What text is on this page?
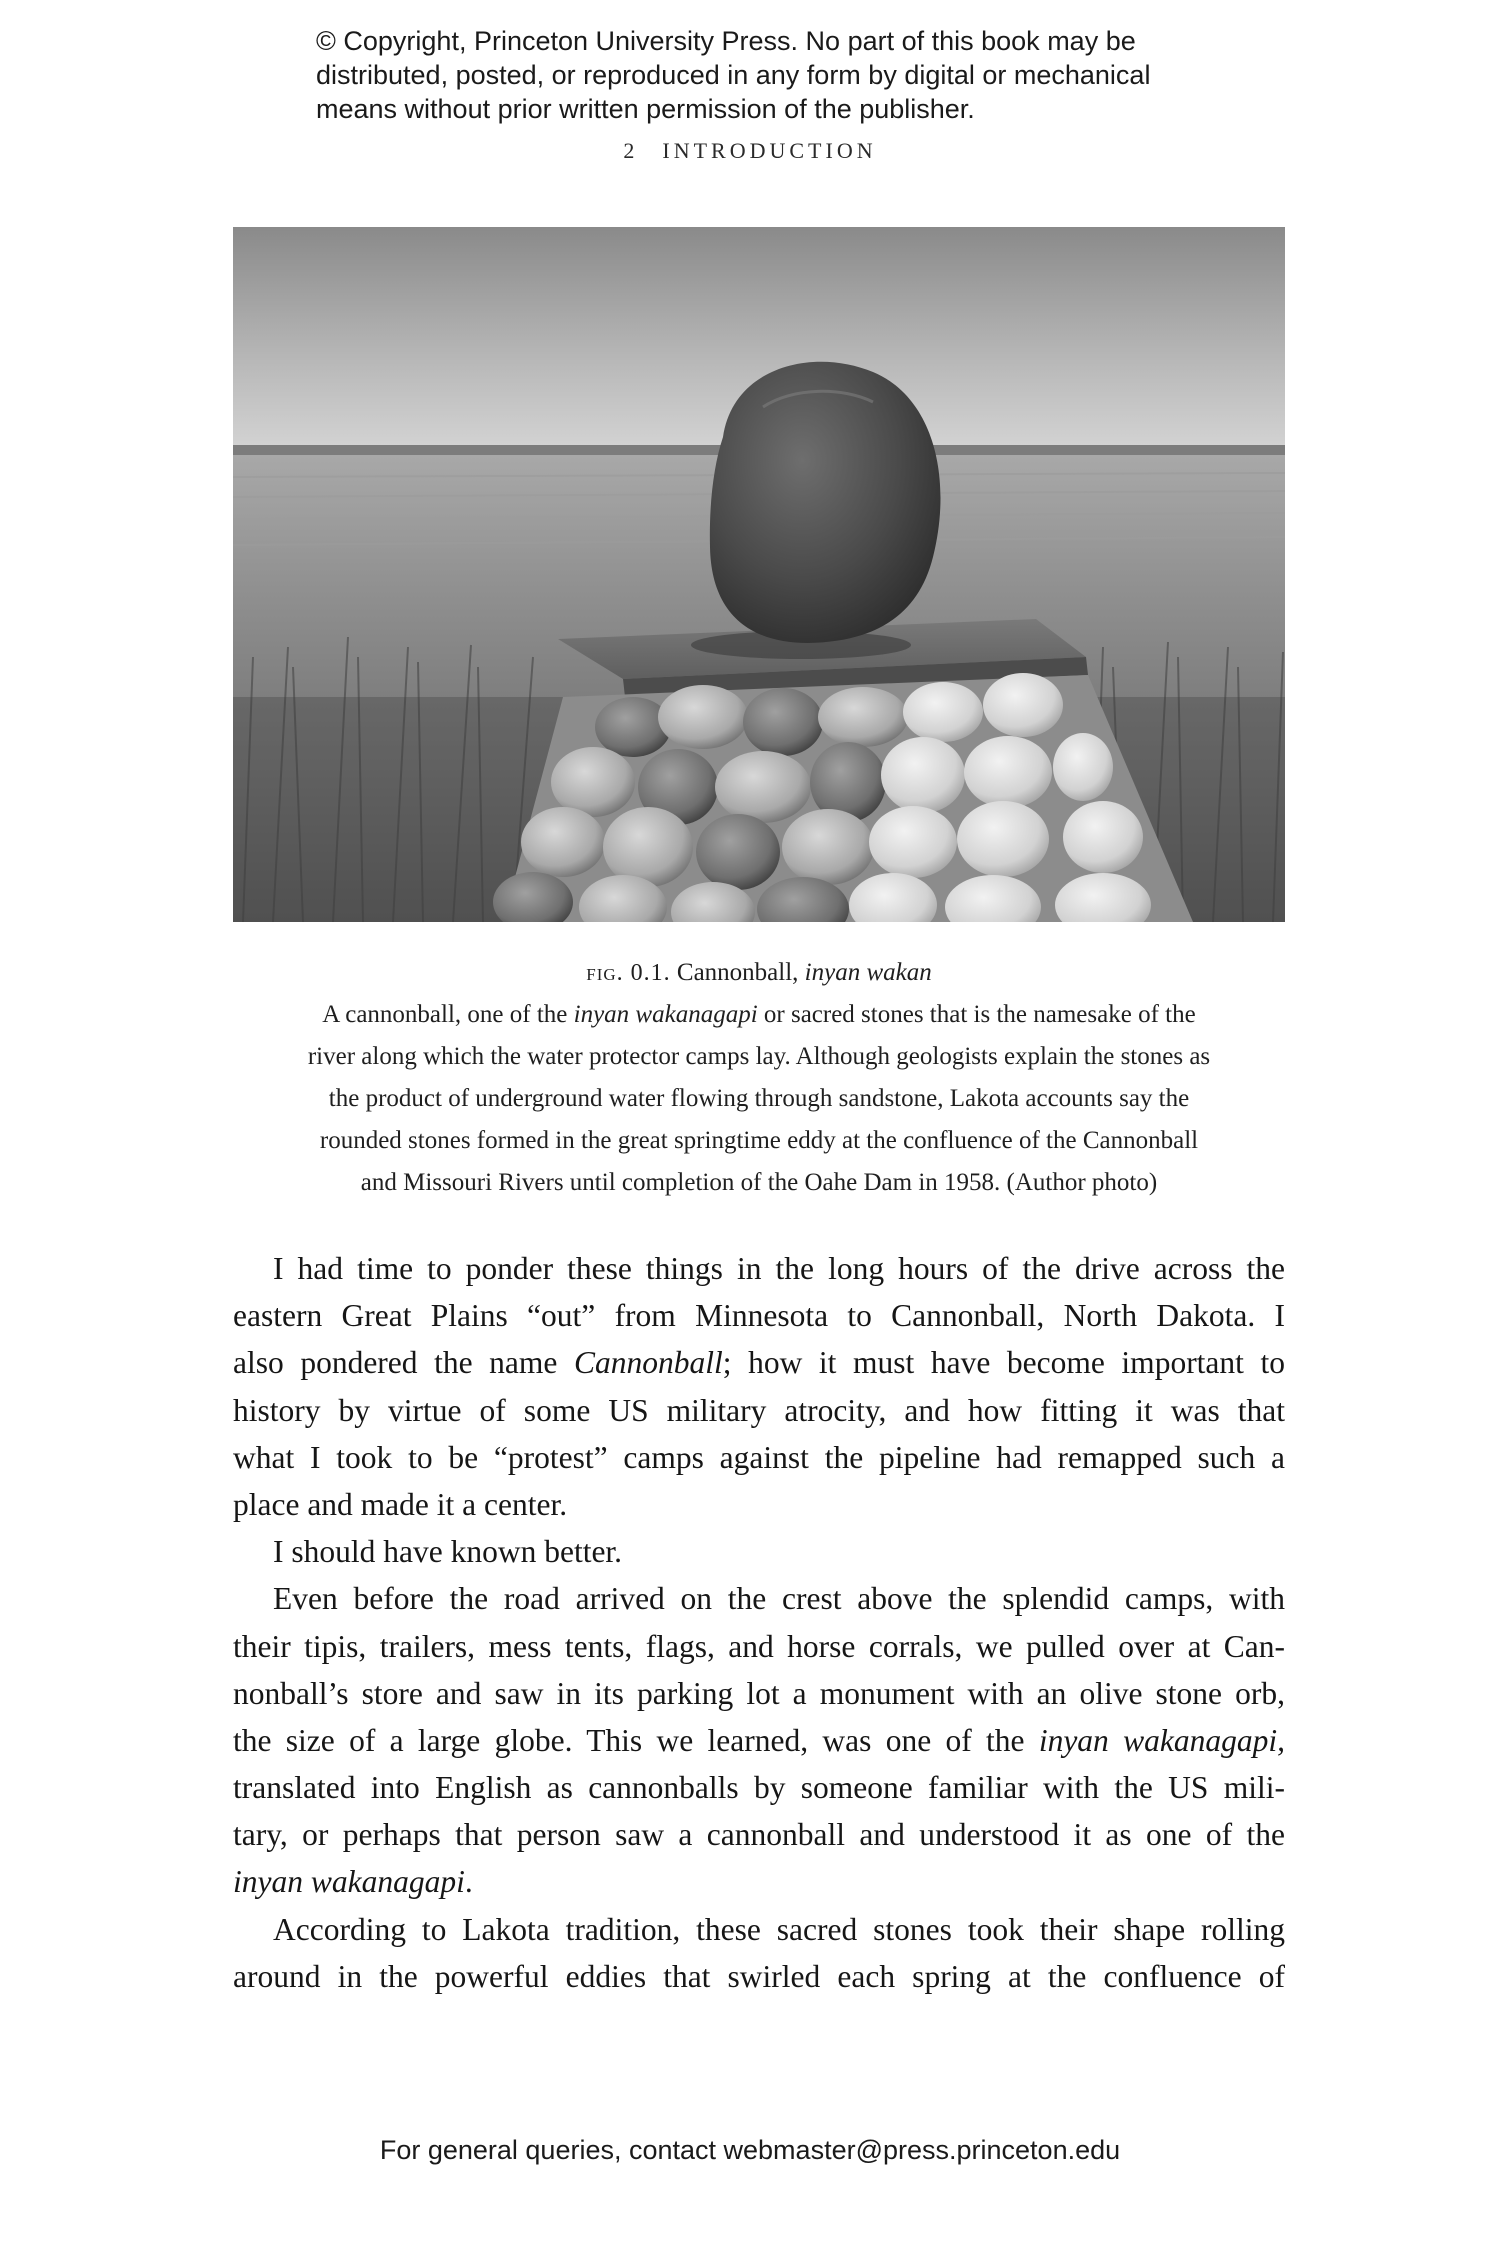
© Copyright, Princeton University Press. No part of this book may be
distributed, posted, or reproduced in any form by digital or mechanical
means without prior written permission of the publisher.
2 INTRODUCTION
fig. 0.1. Cannonball, inyan wakan
A cannonball, one of the inyan wakanagapi or sacred stones that is the namesake of the
river along which the water protector camps lay. Although geologists explain the stones as
the product of underground water flowing through sandstone, Lakota accounts say the
rounded stones formed in the great springtime eddy at the confluence of the Cannonball
and Missouri Rivers until completion of the Oahe Dam in 1958. (Author photo)
I had time to ponder these things in the long hours of the drive across the
eastern Great Plains “out” from Minnesota to Cannonball, North Dakota. I
also pondered the name Cannonball; how it must have become important to
history by virtue of some US military atrocity, and how fitting it was that
what I took to be “protest” camps against the pipeline had remapped such a
place and made it a center.
I should have known better.
Even before the road arrived on the crest above the splendid camps, with
their tipis, trailers, mess tents, flags, and horse corrals, we pulled over at Can-
nonball’s store and saw in its parking lot a monument with an olive stone orb,
the size of a large globe. This we learned, was one of the inyan wakanagapi,
translated into English as cannonballs by someone familiar with the US mili-
tary, or perhaps that person saw a cannonball and understood it as one of the
inyan wakanagapi.
According to Lakota tradition, these sacred stones took their shape rolling
around in the powerful eddies that swirled each spring at the confluence of
For general queries, contact webmaster@press.princeton.edu
